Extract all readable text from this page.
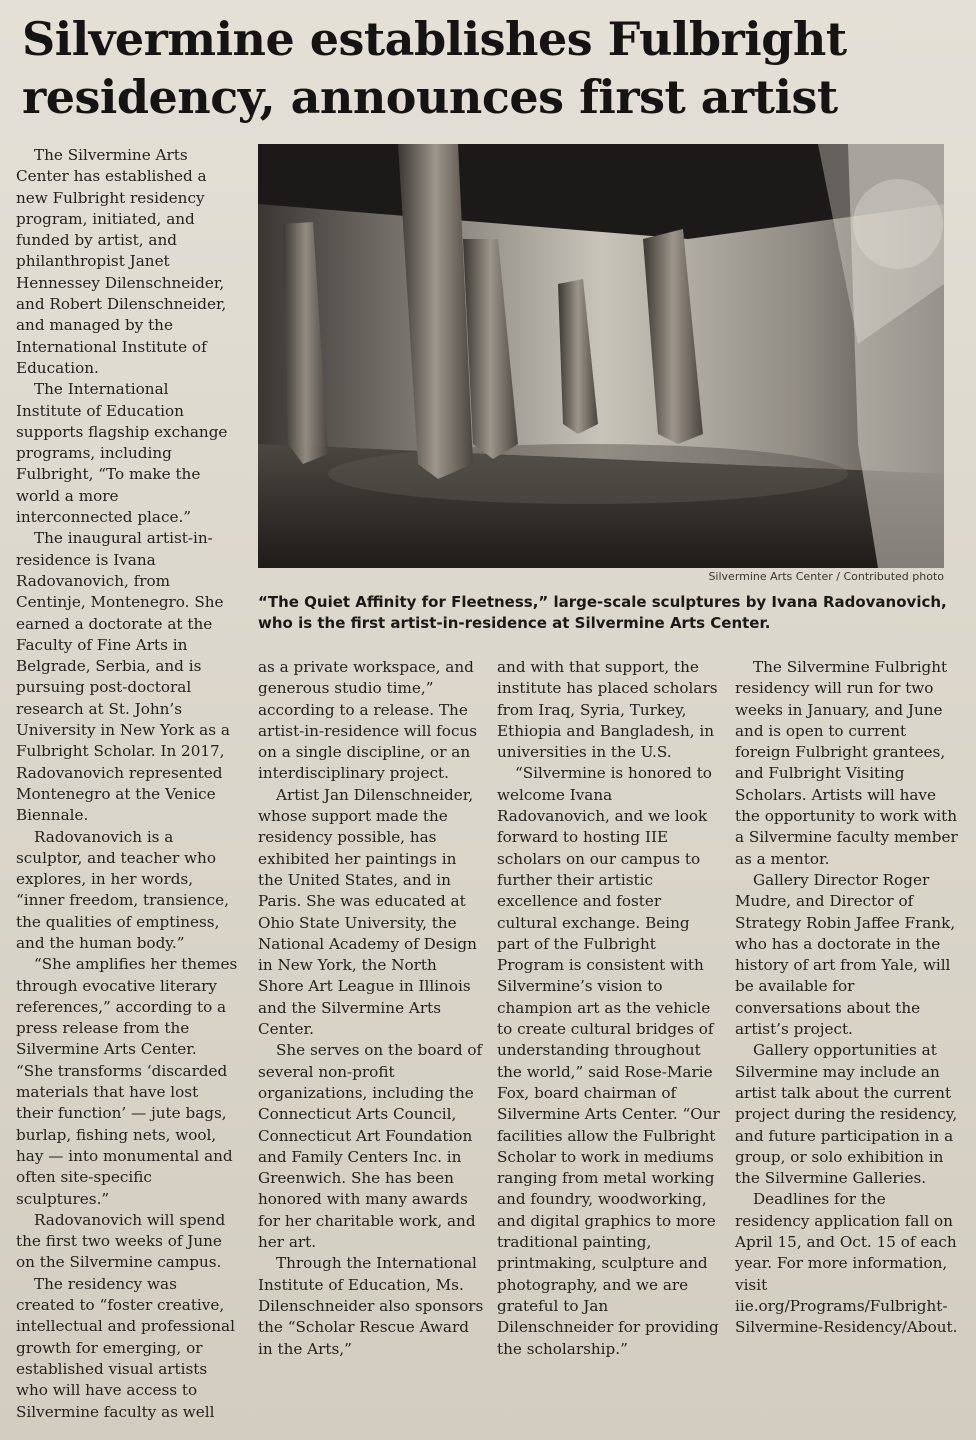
Silvermine establishes Fulbright residency, announces first artist

The Silvermine Arts Center has established a new Fulbright residency program, initiated, and funded by artist, and philanthropist Janet Hennessey Dilenschneider, and Robert Dilenschneider, and managed by the International Institute of Education.

The International Institute of Education supports flagship exchange programs, including Fulbright, “To make the world a more interconnected place.”

The inaugural artist-in-residence is Ivana Radovanovich, from Centinje, Montenegro. She earned a doctorate at the Faculty of Fine Arts in Belgrade, Serbia, and is pursuing post-doctoral research at St. John’s University in New York as a Fulbright Scholar. In 2017, Radovanovich represented Montenegro at the Venice Biennale.

Radovanovich is a sculptor, and teacher who explores, in her words, “inner freedom, transience, the qualities of emptiness, and the human body.”

“She amplifies her themes through evocative literary references,” according to a press release from the Silvermine Arts Center. “She transforms ‘discarded materials that have lost their function’ — jute bags, burlap, fishing nets, wool, hay — into monumental and often site-specific sculptures.”

Radovanovich will spend the first two weeks of June on the Silvermine campus.

The residency was created to “foster creative, intellectual and professional growth for emerging, or established visual artists who will have access to Silvermine faculty as well

Silvermine Arts Center / Contributed photo
“The Quiet Affinity for Fleetness,” large-scale sculptures by Ivana Radovanovich, who is the first artist-in-residence at Silvermine Arts Center.

as a private workspace, and generous studio time,” according to a release. The artist-in-residence will focus on a single discipline, or an interdisciplinary project.

Artist Jan Dilenschneider, whose support made the residency possible, has exhibited her paintings in the United States, and in Paris. She was educated at Ohio State University, the National Academy of Design in New York, the North Shore Art League in Illinois and the Silvermine Arts Center.

She serves on the board of several non-profit organizations, including the Connecticut Arts Council, Connecticut Art Foundation and Family Centers Inc. in Greenwich. She has been honored with many awards for her charitable work, and her art.

Through the International Institute of Education, Ms. Dilenschneider also sponsors the “Scholar Rescue Award in the Arts,”

and with that support, the institute has placed scholars from Iraq, Syria, Turkey, Ethiopia and Bangladesh, in universities in the U.S.

“Silvermine is honored to welcome Ivana Radovanovich, and we look forward to hosting IIE scholars on our campus to further their artistic excellence and foster cultural exchange. Being part of the Fulbright Program is consistent with Silvermine’s vision to champion art as the vehicle to create cultural bridges of understanding throughout the world,” said Rose-Marie Fox, board chairman of Silvermine Arts Center. “Our facilities allow the Fulbright Scholar to work in mediums ranging from metal working and foundry, woodworking, and digital graphics to more traditional painting, printmaking, sculpture and photography, and we are grateful to Jan Dilenschneider for providing the scholarship.”

The Silvermine Fulbright residency will run for two weeks in January, and June and is open to current foreign Fulbright grantees, and Fulbright Visiting Scholars. Artists will have the opportunity to work with a Silvermine faculty member as a mentor.

Gallery Director Roger Mudre, and Director of Strategy Robin Jaffee Frank, who has a doctorate in the history of art from Yale, will be available for conversations about the artist’s project.

Gallery opportunities at Silvermine may include an artist talk about the current project during the residency, and future participation in a group, or solo exhibition in the Silvermine Galleries.

Deadlines for the residency application fall on April 15, and Oct. 15 of each year. For more information, visit iie.org/Programs/Fulbright-Silvermine-Residency/About.
